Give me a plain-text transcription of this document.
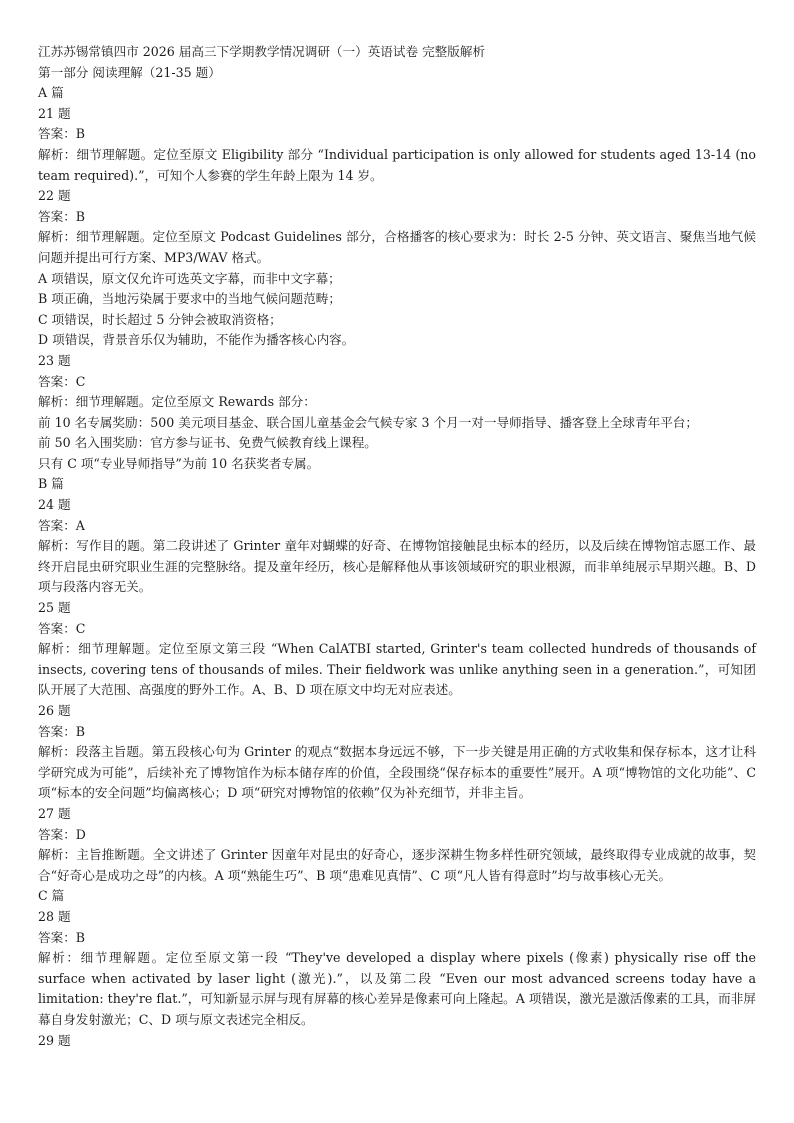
江苏苏锡常镇四市 2026 届高三下学期教学情况调研（一）英语试卷 完整版解析

第一部分 阅读理解（21-35 题）

A 篇

21 题

答案：B

解析：细节理解题。定位至原文 Eligibility 部分 “Individual participation is only allowed for students aged 13-14 (no team required).”，可知个人参赛的学生年龄上限为 14 岁。

22 题

答案：B

解析：细节理解题。定位至原文 Podcast Guidelines 部分，合格播客的核心要求为：时长 2-5 分钟、英文语言、聚焦当地气候问题并提出可行方案、MP3/WAV 格式。

A 项错误，原文仅允许可选英文字幕，而非中文字幕；

B 项正确，当地污染属于要求中的当地气候问题范畴；

C 项错误，时长超过 5 分钟会被取消资格；

D 项错误，背景音乐仅为辅助，不能作为播客核心内容。

23 题

答案：C

解析：细节理解题。定位至原文 Rewards 部分：

前 10 名专属奖励：500 美元项目基金、联合国儿童基金会气候专家 3 个月一对一导师指导、播客登上全球青年平台；

前 50 名入围奖励：官方参与证书、免费气候教育线上课程。

只有 C 项“专业导师指导”为前 10 名获奖者专属。

B 篇

24 题

答案：A

解析：写作目的题。第二段讲述了 Grinter 童年对蝴蝶的好奇、在博物馆接触昆虫标本的经历，以及后续在博物馆志愿工作、最终开启昆虫研究职业生涯的完整脉络。提及童年经历，核心是解释他从事该领域研究的职业根源，而非单纯展示早期兴趣。B、D 项与段落内容无关。

25 题

答案：C

解析：细节理解题。定位至原文第三段 “When CalATBI started, Grinter's team collected hundreds of thousands of insects, covering tens of thousands of miles. Their fieldwork was unlike anything seen in a generation.”，可知团队开展了大范围、高强度的野外工作。A、B、D 项在原文中均无对应表述。

26 题

答案：B

解析：段落主旨题。第五段核心句为 Grinter 的观点“数据本身远远不够，下一步关键是用正确的方式收集和保存标本，这才让科学研究成为可能”，后续补充了博物馆作为标本储存库的价值，全段围绕“保存标本的重要性”展开。A 项“博物馆的文化功能”、C 项“标本的安全问题”均偏离核心；D 项“研究对博物馆的依赖”仅为补充细节，并非主旨。

27 题

答案：D

解析：主旨推断题。全文讲述了 Grinter 因童年对昆虫的好奇心，逐步深耕生物多样性研究领域，最终取得专业成就的故事，契合“好奇心是成功之母”的内核。A 项“熟能生巧”、B 项“患难见真情”、C 项“凡人皆有得意时”均与故事核心无关。

C 篇

28 题

答案：B

解析：细节理解题。定位至原文第一段 “They've developed a display where pixels (像素) physically rise off the surface when activated by laser light (激光).”，以及第二段 “Even our most advanced screens today have a limitation: they're flat.”，可知新显示屏与现有屏幕的核心差异是像素可向上隆起。A 项错误，激光是激活像素的工具，而非屏幕自身发射激光；C、D 项与原文表述完全相反。

29 题
